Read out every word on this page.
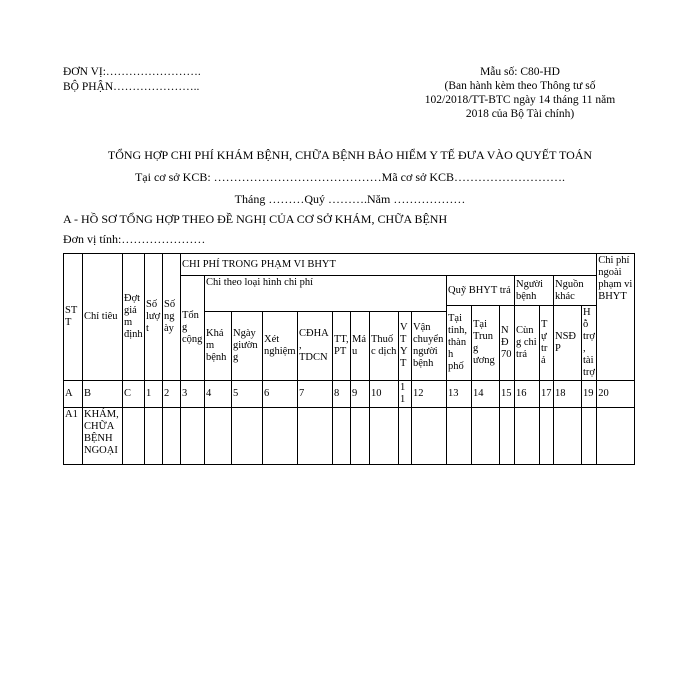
ĐƠN VỊ:…………………….
BỘ PHẬN…………………..
Mẫu số: C80-HD
(Ban hành kèm theo Thông tư số
102/2018/TT-BTC ngày 14 tháng 11 năm
2018 của Bộ Tài chính)
TỔNG HỢP CHI PHÍ KHÁM BỆNH, CHỮA BỆNH BẢO HIỂM Y TẾ ĐƯA VÀO QUYẾT TOÁN
Tại cơ sở KCB: ……………………………………Mã cơ sở KCB……………………….
Tháng ………Quý ……….Năm ………………
A - HỒ SƠ TỔNG HỢP THEO ĐỀ NGHỊ CỦA CƠ SỞ KHÁM, CHỮA BỆNH
Đơn vị tính:…………………
STT	Chỉ tiêu	Đợt giám định	Số lượt	Số ngày	CHI PHÍ TRONG PHẠM VI BHYT																	Chi phí ngoài phạm vi BHYT
					Tổng cộng	Chi theo loại hình chi phí									Quỹ BHYT trả			Người bệnh		Nguồn khác		
															Tại tỉnh, thành phố	Tại Trung ương	NĐ 70	Cùng chi trả	Tự trả	NSĐP	Hỗ trợ, tài trợ	
						Khám bệnh	Ngày giường	Xét nghiệm	CĐHA, TDCN	TT, PT	Máu	Thuốc dịch	VTYT	Vận chuyển người bệnh								
A	B	C	1	2	3	4	5	6	7	8	9	10	11	12	13	14	15	16	17	18	19	20
A1	KHÁM, CHỮA BỆNH NGOẠI																					
